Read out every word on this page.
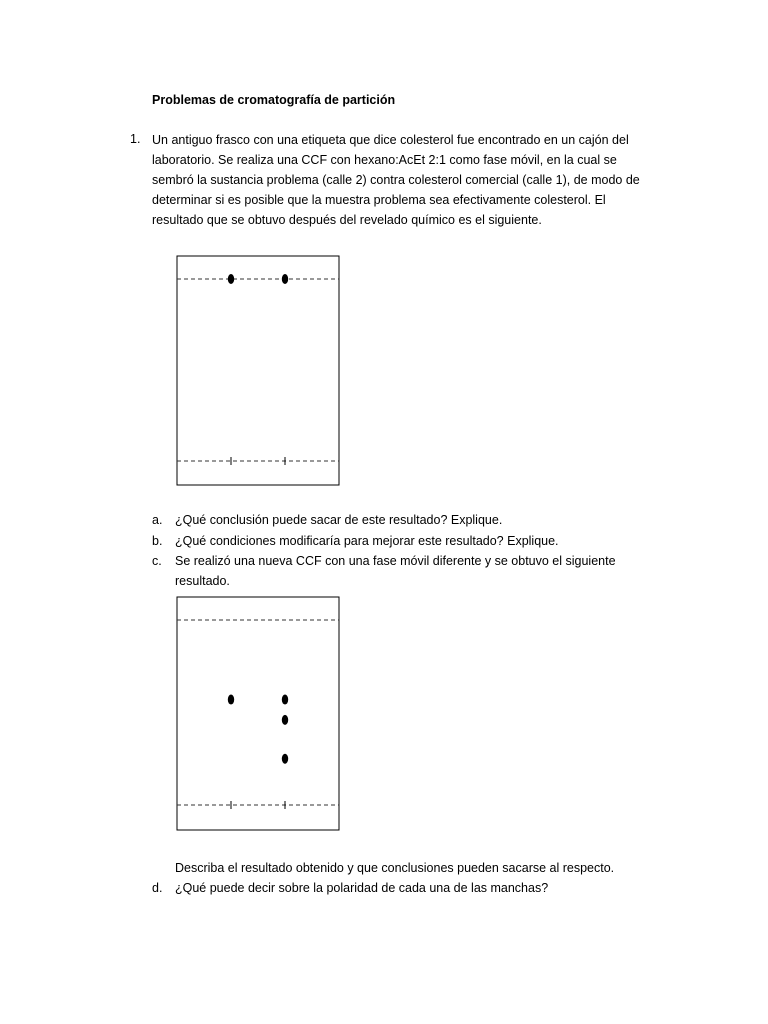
Problemas de cromatografía de partición
1. Un antiguo frasco con una etiqueta que dice colesterol fue encontrado en un cajón del
laboratorio. Se realiza una CCF con hexano:AcEt 2:1 como fase móvil, en la cual se
sembró la sustancia problema (calle 2) contra colesterol comercial (calle 1), de modo de
determinar si es posible que la muestra problema sea efectivamente colesterol. El
resultado que se obtuvo después del revelado químico es el siguiente.
a. ¿Qué conclusión puede sacar de este resultado? Explique.
b. ¿Qué condiciones modificaría para mejorar este resultado? Explique.
c. Se realizó una nueva CCF con una fase móvil diferente y se obtuvo el siguiente
resultado.
Describa el resultado obtenido y que conclusiones pueden sacarse al respecto.
d. ¿Qué puede decir sobre la polaridad de cada una de las manchas?
